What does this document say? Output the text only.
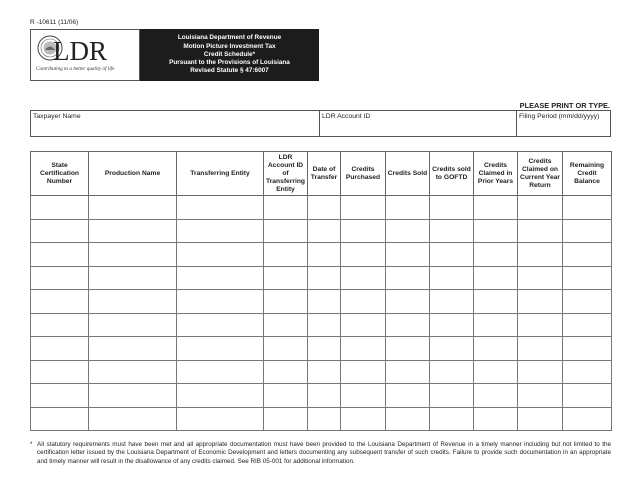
R -10611 (11/06)
LDR
Contributing to a better quality of life
Louisiana Department of Revenue
Motion Picture Investment Tax
Credit Schedule*
Pursuant to the Provisions of Louisiana
Revised Statute § 47:6007
PLEASE PRINT OR TYPE.
Taxpayer Name	LDR Account ID	Filing Period (mm/dd/yyyy)
State Certification Number	Production Name	Transferring Entity	LDR Account ID of Transferring Entity	Date of Transfer	Credits Purchased	Credits Sold	Credits sold to GOFTD	Credits Claimed in Prior Years	Credits Claimed on Current Year Return	Remaining Credit Balance

* All statutory requirements must have been met and all appropriate documentation must have been provided to the Louisiana Department of Revenue in a timely manner including but not limited to the certification letter issued by the Louisiana Department of Economic Development and letters documenting any subsequent transfer of such credits. Failure to provide such documentation in an appropriate and timely manner will result in the disallowance of any credits claimed. See RIB 05-001 for additional information.
